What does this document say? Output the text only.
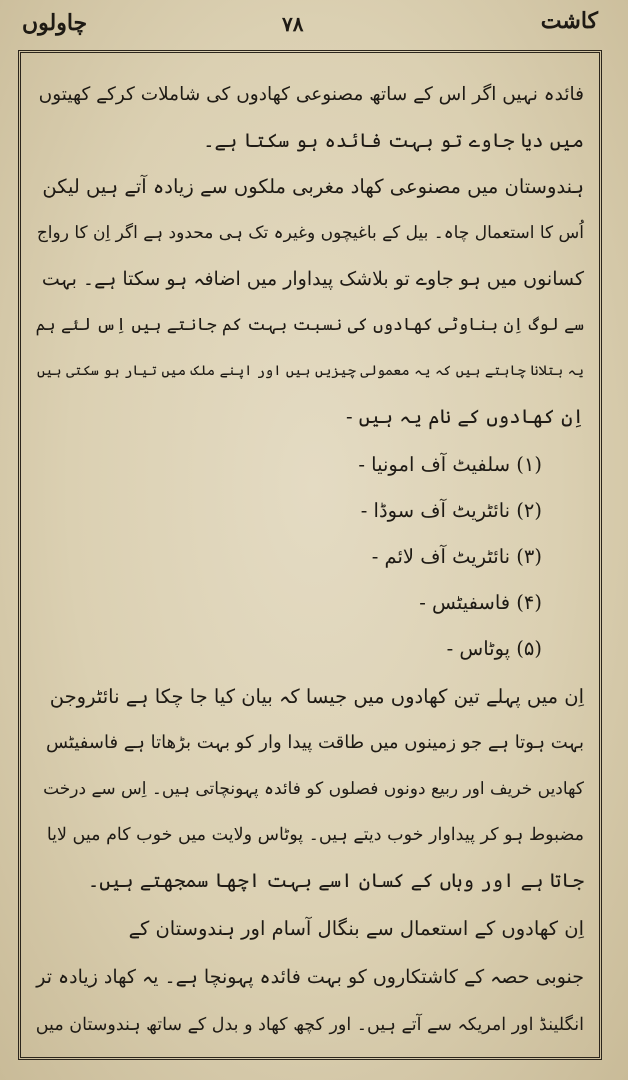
چاولوں	۷۸	کاشت
فائدہ نہیں اگر اس کے ساتھ مصنوعی کھادوں کی شاملات کرکے کھیتوں
میں دیا جاوے تو بہت فائدہ ہو سکتا ہے۔
ہندوستان میں مصنوعی کھاد مغربی ملکوں سے زیادہ آتے ہیں لیکن
اُس کا استعمال چاہ۔ بیل کے باغیچوں وغیرہ تک ہی محدود ہے اگر اِن کا رواج
کسانوں میں ہو جاوے تو بلاشک پیداوار میں اضافہ ہو سکتا ہے۔ بہت
سے لوگ اِن بناوٹی کھادوں کی نسبت بہت کم جانتے ہیں اِس لئے ہم
یہ بتلانا چاہتے ہیں کہ یہ معمولی چیزیں ہیں اور اپنے ملک میں تیار ہو سکتی ہیں
اِن کھادوں کے نام یہ ہیں -
(۱) سلفیٹ آف امونیا -
(۲) نائٹریٹ آف سوڈا -
(۳) نائٹریٹ آف لائم -
(۴) فاسفیٹس -
(۵) پوٹاس -
اِن میں پہلے تین کھادوں میں جیسا کہ بیان کیا جا چکا ہے نائٹروجن
بہت ہوتا ہے جو زمینوں میں طاقت پیدا وار کو بہت بڑھاتا ہے فاسفیٹس
کھادیں خریف اور ربیع دونوں فصلوں کو فائدہ پہونچاتی ہیں۔ اِس سے درخت
مضبوط ہو کر پیداوار خوب دیتے ہیں۔ پوٹاس ولایت میں خوب کام میں لایا
جاتا ہے اور وہاں کے کسان اسے بہت اچھا سمجھتے ہیں۔
اِن کھادوں کے استعمال سے بنگال آسام اور ہندوستان کے
جنوبی حصہ کے کاشتکاروں کو بہت فائدہ پہونچا ہے۔ یہ کھاد زیادہ تر
انگلینڈ اور امریکہ سے آتے ہیں۔ اور کچھ کھاد و بدل کے ساتھ ہندوستان میں
